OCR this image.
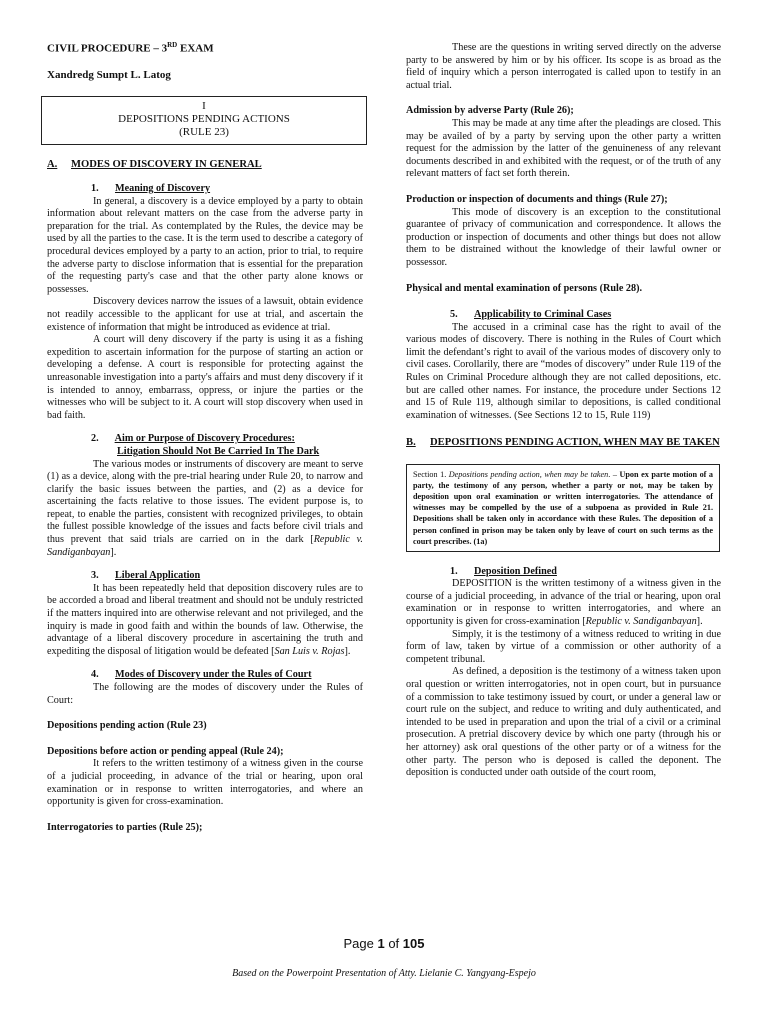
CIVIL PROCEDURE – 3RD EXAM
Xandredg Sumpt L. Latog
I
DEPOSITIONS PENDING ACTIONS
(RULE 23)
A.	MODES OF DISCOVERY IN GENERAL
1.	Meaning of Discovery

In general, a discovery is a device employed by a party to obtain information about relevant matters on the case from the adverse party in preparation for the trial. As contemplated by the Rules, the device may be used by all the parties to the case. It is the term used to describe a category of procedural devices employed by a party to an action, prior to trial, to require the adverse party to disclose information that is essential for the preparation of the requesting party's case and that the other party alone knows or possesses.

Discovery devices narrow the issues of a lawsuit, obtain evidence not readily accessible to the applicant for use at trial, and ascertain the existence of information that might be introduced as evidence at trial.

A court will deny discovery if the party is using it as a fishing expedition to ascertain information for the purpose of starting an action or developing a defense. A court is responsible for protecting against the unreasonable investigation into a party's affairs and must deny discovery if it is intended to annoy, embarrass, oppress, or injure the parties or the witnesses who will be subject to it. A court will stop discovery when used in bad faith.

2. Aim or Purpose of Discovery Procedures:
Litigation Should Not Be Carried In The Dark

The various modes or instruments of discovery are meant to serve (1) as a device, along with the pre-trial hearing under Rule 20, to narrow and clarify the basic issues between the parties, and (2) as a device for ascertaining the facts relative to those issues. The evident purpose is, to repeat, to enable the parties, consistent with recognized privileges, to obtain the fullest possible knowledge of the issues and facts before civil trials and thus prevent that said trials are carried on in the dark [Republic v. Sandiganbayan].

3.	Liberal Application

It has been repeatedly held that deposition discovery rules are to be accorded a broad and liberal treatment and should not be unduly restricted if the matters inquired into are otherwise relevant and not privileged, and the inquiry is made in good faith and within the bounds of law. Otherwise, the advantage of a liberal discovery procedure in ascertaining the truth and expediting the disposal of litigation would be defeated [San Luis v. Rojas].

4.	Modes of Discovery under the Rules of Court

The following are the modes of discovery under the Rules of Court:

Depositions pending action (Rule 23)
Depositions before action or pending appeal (Rule 24);

It refers to the written testimony of a witness given in the course of a judicial proceeding, in advance of the trial or hearing, upon oral examination or in response to written interrogatories, and where an opportunity is given for cross-examination.

Interrogatories to parties (Rule 25);

These are the questions in writing served directly on the adverse party to be answered by him or by his officer. Its scope is as broad as the field of inquiry which a person interrogated is called upon to testify in an actual trial.

Admission by adverse Party (Rule 26);

This may be made at any time after the pleadings are closed. This may be availed of by a party by serving upon the other party a written request for the admission by the latter of the genuineness of any relevant documents described in and exhibited with the request, or of the truth of any relevant matters of fact set forth therein.

Production or inspection of documents and things (Rule 27);

This mode of discovery is an exception to the constitutional guarantee of privacy of communication and correspondence. It allows the production or inspection of documents and other things but does not allow them to be distrained without the knowledge of their lawful owner or possessor.

Physical and mental examination of persons (Rule 28).
5.	Applicability to Criminal Cases

The accused in a criminal case has the right to avail of the various modes of discovery. There is nothing in the Rules of Court which limit the defendant’s right to avail of the various modes of discovery only to civil cases. Corollarily, there are “modes of discovery” under Rule 119 of the Rules on Criminal Procedure although they are not called depositions, etc. but are called other names. For instance, the procedure under Sections 12 and 15 of Rule 119, although similar to depositions, is called conditional examination of witnesses. (See Sections 12 to 15, Rule 119)

B.	DEPOSITIONS PENDING ACTION, WHEN MAY BE TAKEN
Section 1. Depositions pending action, when may be taken. – Upon ex parte motion of a party, the testimony of any person, whether a party or not, may be taken by deposition upon oral examination or written interrogatories. The attendance of witnesses may be compelled by the use of a subpoena as provided in Rule 21. Depositions shall be taken only in accordance with these Rules. The deposition of a person confined in prison may be taken only by leave of court on such terms as the court prescribes. (1a)
1.	Deposition Defined

DEPOSITION is the written testimony of a witness given in the course of a judicial proceeding, in advance of the trial or hearing, upon oral examination or in response to written interrogatories, and where an opportunity is given for cross-examination [Republic v. Sandiganbayan].

Simply, it is the testimony of a witness reduced to writing in due form of law, taken by virtue of a commission or other authority of a competent tribunal.

As defined, a deposition is the testimony of a witness taken upon oral question or written interrogatories, not in open court, but in pursuance of a commission to take testimony issued by court, or under a general law or court rule on the subject, and reduce to writing and duly authenticated, and intended to be used in preparation and upon the trial of a civil or a criminal prosecution. A pretrial discovery device by which one party (through his or her attorney) ask oral questions of the other party or of a witness for the other party. The person who is deposed is called the deponent. The deposition is conducted under oath outside of the court room,

Page 1 of 105
Based on the Powerpoint Presentation of Atty. Lielanie C. Yangyang-Espejo
